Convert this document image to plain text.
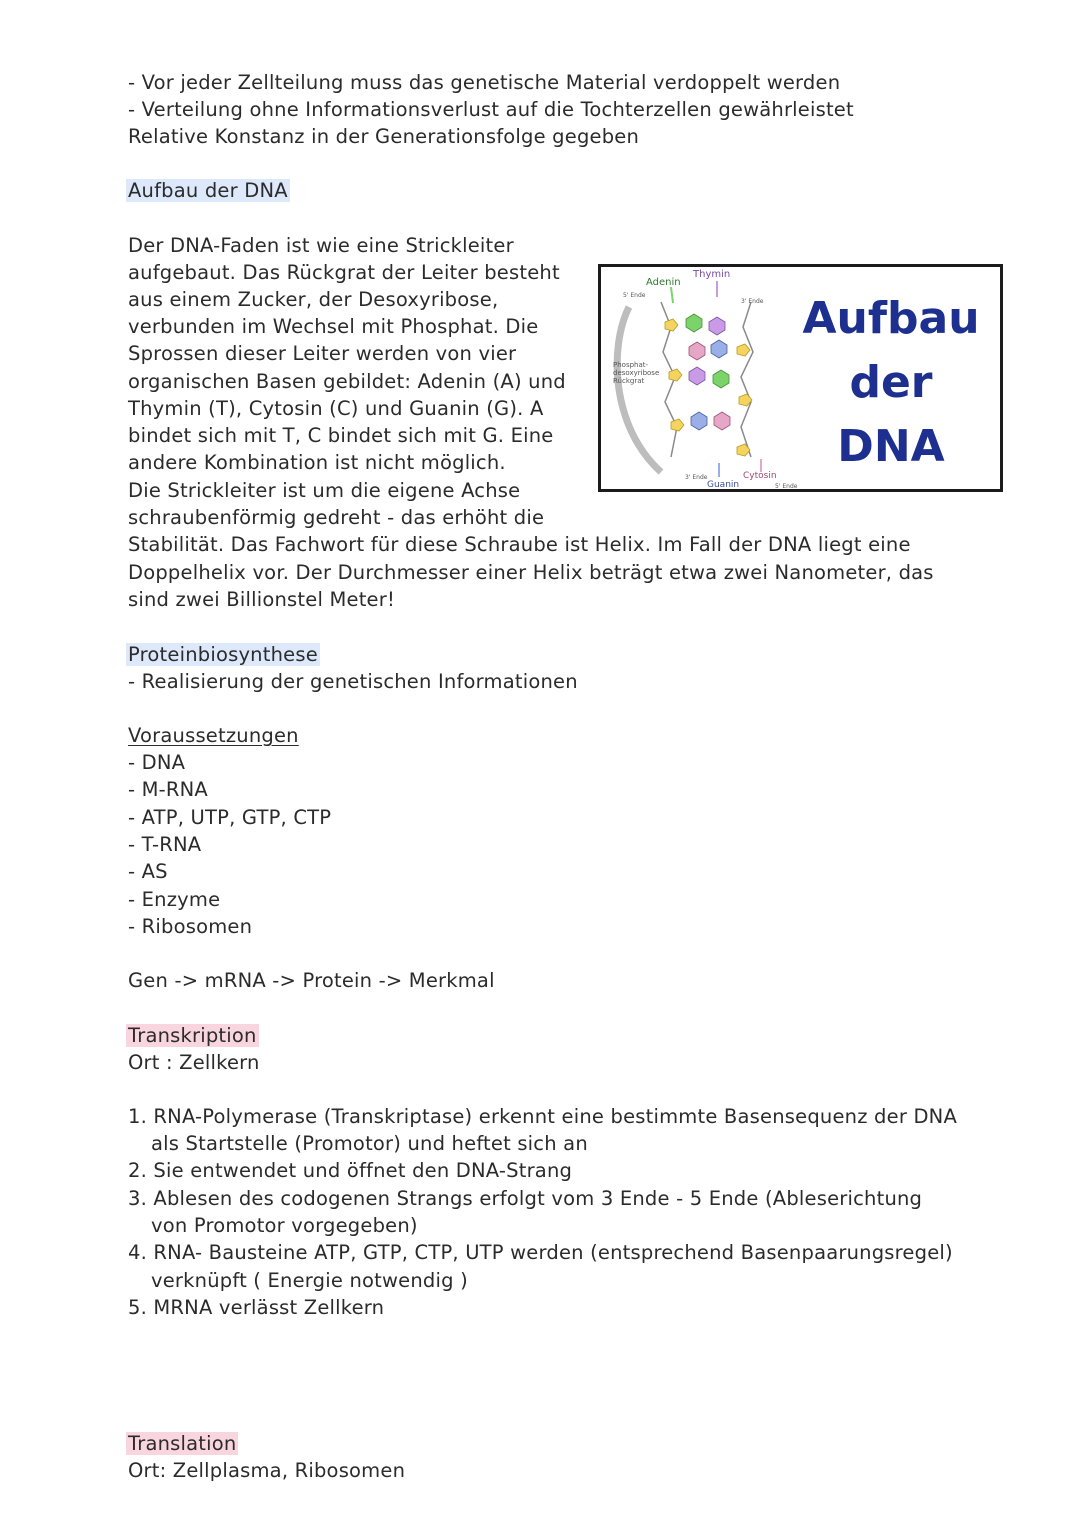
- Vor jeder Zellteilung muss das genetische Material verdoppelt werden
- Verteilung ohne Informationsverlust auf die Tochterzellen gewährleistet
Relative Konstanz in der Generationsfolge gegeben
Aufbau der DNA
Der DNA-Faden ist wie eine Strickleiter
aufgebaut. Das Rückgrat der Leiter besteht
aus einem Zucker, der Desoxyribose,
verbunden im Wechsel mit Phosphat. Die
Sprossen dieser Leiter werden von vier
organischen Basen gebildet: Adenin (A) und
Thymin (T), Cytosin (C) und Guanin (G). A
bindet sich mit T, C bindet sich mit G. Eine
andere Kombination ist nicht möglich.
Die Strickleiter ist um die eigene Achse
schraubenförmig gedreht - das erhöht die
Stabilität. Das Fachwort für diese Schraube ist Helix. Im Fall der DNA liegt eine
Doppelhelix vor. Der Durchmesser einer Helix beträgt etwa zwei Nanometer, das
sind zwei Billionstel Meter!
Adenin
Thymin
5' Ende
3' Ende
Phosphat-
desoxyribose
Rückgrat
3' Ende
Guanin
Cytosin
5' Ende
Aufbau
der
DNA
Proteinbiosynthese
- Realisierung der genetischen Informationen
Voraussetzungen
- DNA
- M-RNA
- ATP, UTP, GTP, CTP
- T-RNA
- AS
- Enzyme
- Ribosomen
Gen -> mRNA -> Protein -> Merkmal
Transkription
Ort : Zellkern
1. RNA-Polymerase (Transkriptase) erkennt eine bestimmte Basensequenz der DNA
als Startstelle (Promotor) und heftet sich an
2. Sie entwendet und öffnet den DNA-Strang
3. Ablesen des codogenen Strangs erfolgt vom 3 Ende - 5 Ende (Ableserichtung
von Promotor vorgegeben)
4. RNA- Bausteine ATP, GTP, CTP, UTP werden (entsprechend Basenpaarungsregel)
verknüpft ( Energie notwendig )
5. MRNA verlässt Zellkern
Translation
Ort: Zellplasma, Ribosomen
